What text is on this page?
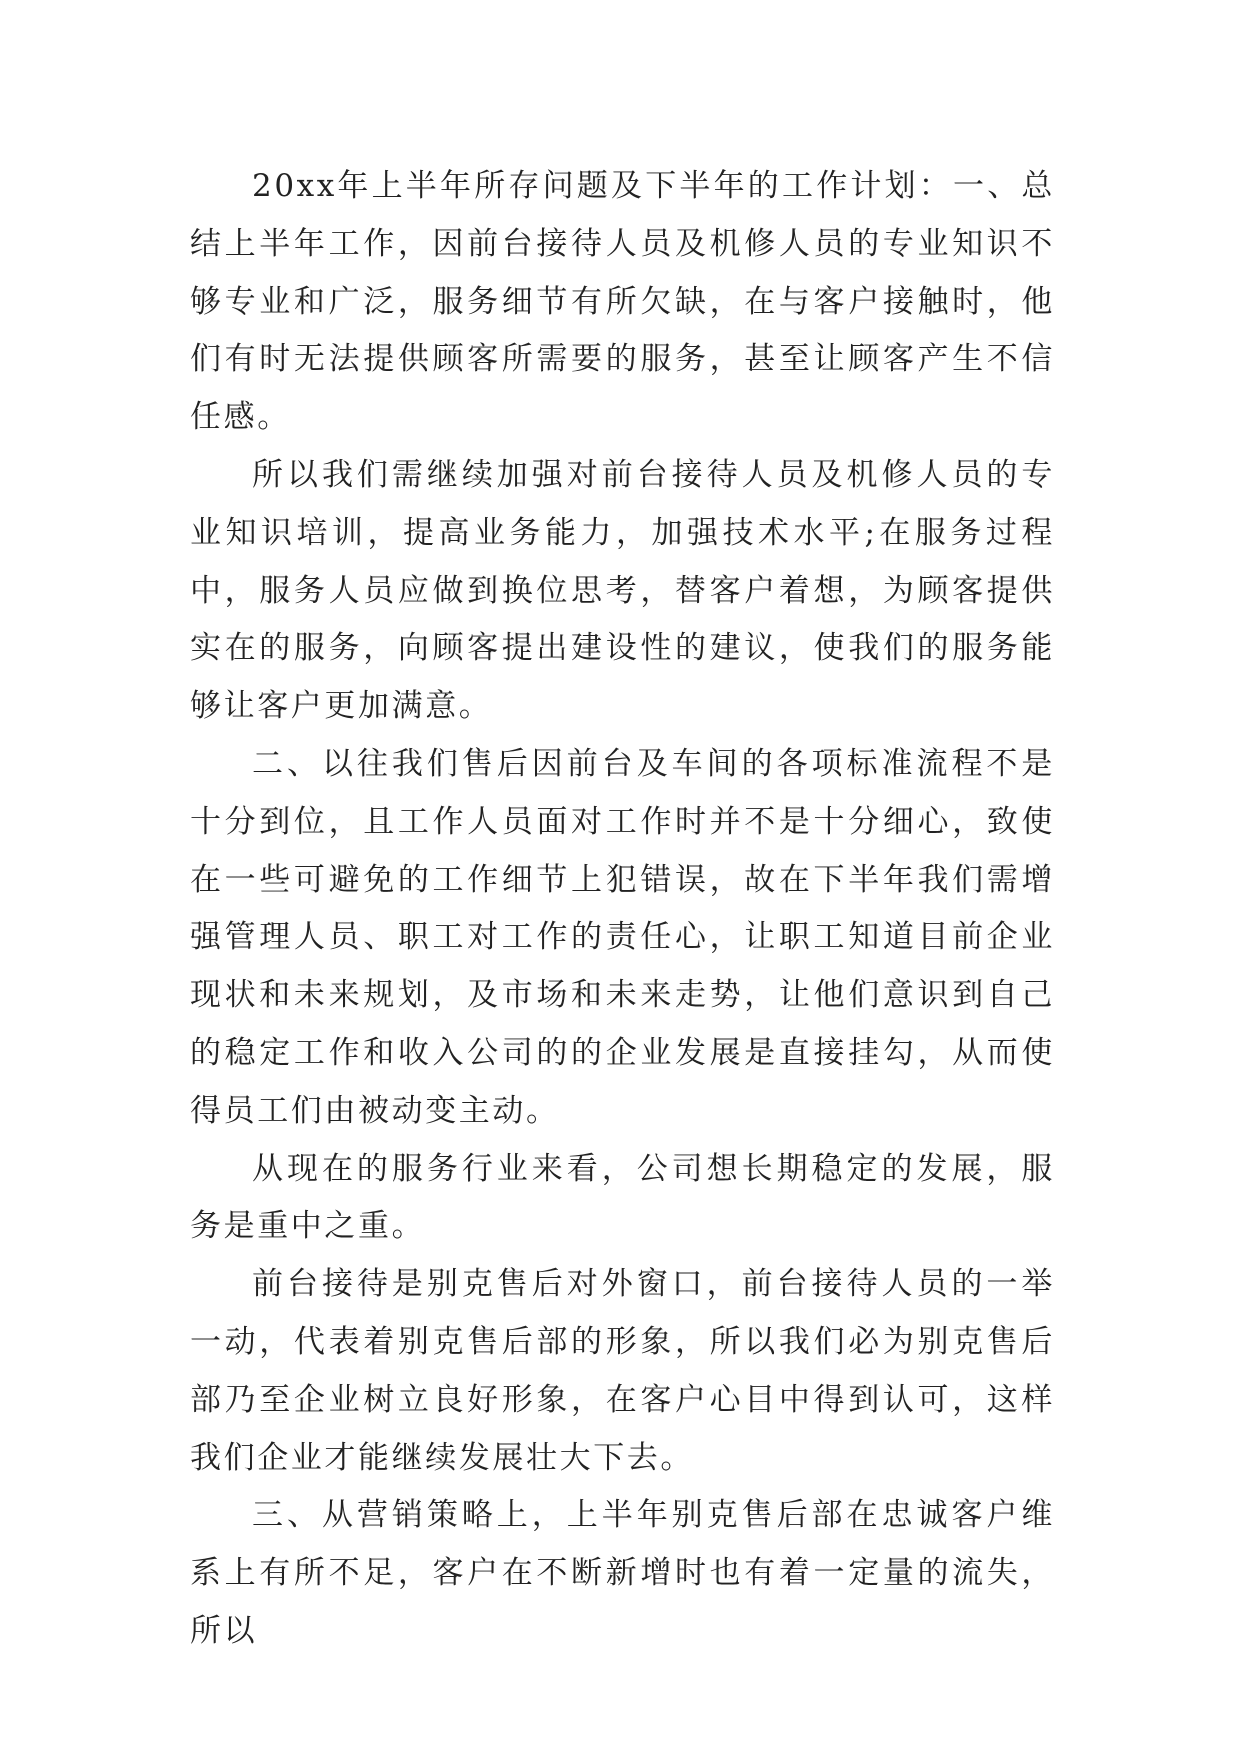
20xx年上半年所存问题及下半年的工作计划：一、总结上半年工作，因前台接待人员及机修人员的专业知识不够专业和广泛，服务细节有所欠缺，在与客户接触时，他们有时无法提供顾客所需要的服务，甚至让顾客产生不信任感。

所以我们需继续加强对前台接待人员及机修人员的专业知识培训，提高业务能力，加强技术水平;在服务过程中，服务人员应做到换位思考，替客户着想，为顾客提供实在的服务，向顾客提出建设性的建议，使我们的服务能够让客户更加满意。

二、以往我们售后因前台及车间的各项标准流程不是十分到位，且工作人员面对工作时并不是十分细心，致使在一些可避免的工作细节上犯错误，故在下半年我们需增强管理人员、职工对工作的责任心，让职工知道目前企业现状和未来规划，及市场和未来走势，让他们意识到自己的稳定工作和收入公司的的企业发展是直接挂勾，从而使得员工们由被动变主动。

从现在的服务行业来看，公司想长期稳定的发展，服务是重中之重。

前台接待是别克售后对外窗口，前台接待人员的一举一动，代表着别克售后部的形象，所以我们必为别克售后部乃至企业树立良好形象，在客户心目中得到认可，这样我们企业才能继续发展壮大下去。

三、从营销策略上，上半年别克售后部在忠诚客户维系上有所不足，客户在不断新增时也有着一定量的流失，所以
